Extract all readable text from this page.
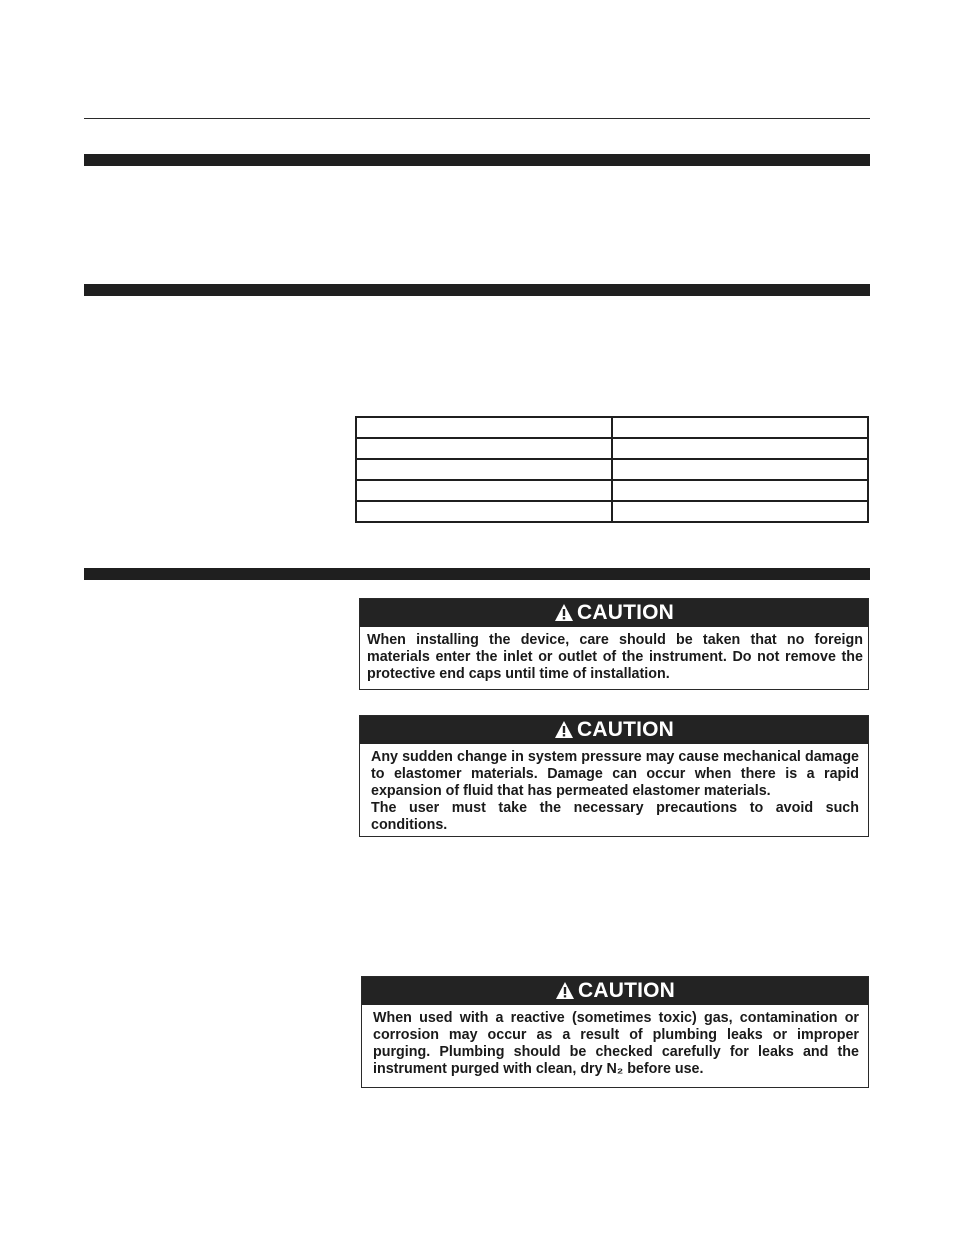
CAUTION
When installing the device, care should be taken that no foreign materials enter the inlet or outlet of the instrument. Do not remove the protective end caps until time of installation.
CAUTION
Any sudden change in system pressure may cause mechanical damage to elastomer materials. Damage can occur when there is a rapid expansion of fluid that has permeated elastomer materials.
The user must take the necessary precautions to avoid such conditions.
CAUTION
When used with a reactive (sometimes toxic) gas, contamination or corrosion may occur as a result of plumbing leaks or improper purging. Plumbing should be checked carefully for leaks and the instrument purged with clean, dry N₂ before use.
